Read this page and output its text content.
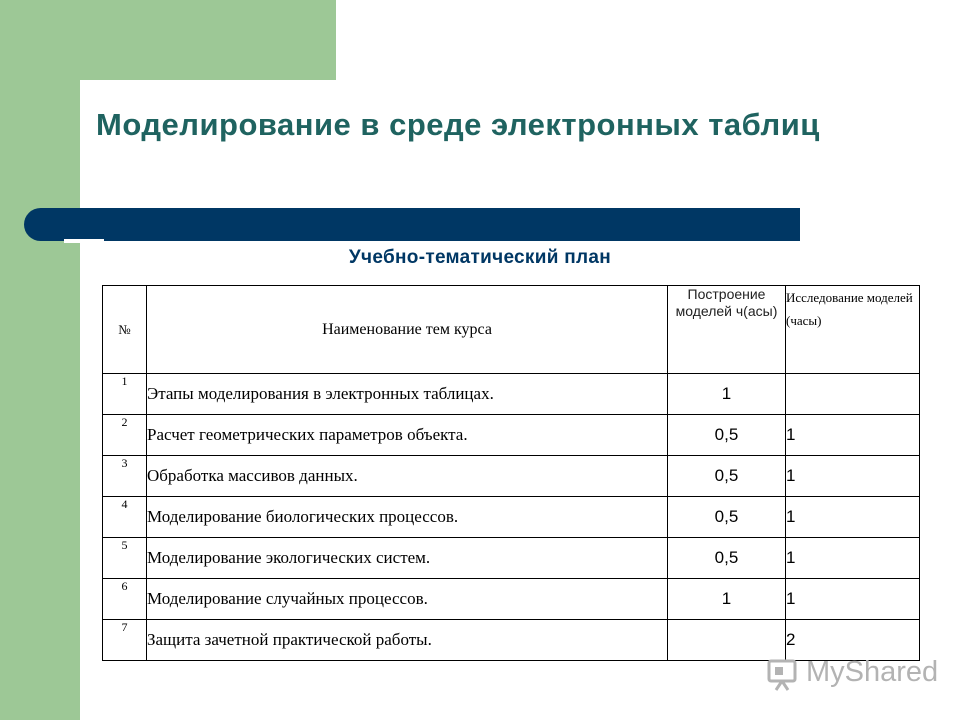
Моделирование в среде электронных таблиц
Учебно-тематический план
№	Наименование тем курса	Построение моделей ч(асы)	Исследование моделей (часы)
1	Этапы моделирования в электронных таблицах.	1	
2	Расчет геометрических параметров объекта.	0,5	1
3	Обработка массивов данных.	0,5	1
4	Моделирование биологических процессов.	0,5	1
5	Моделирование экологических систем.	0,5	1
6	Моделирование случайных процессов.	1	1
7	Защита зачетной практической работы.		2
MyShared
